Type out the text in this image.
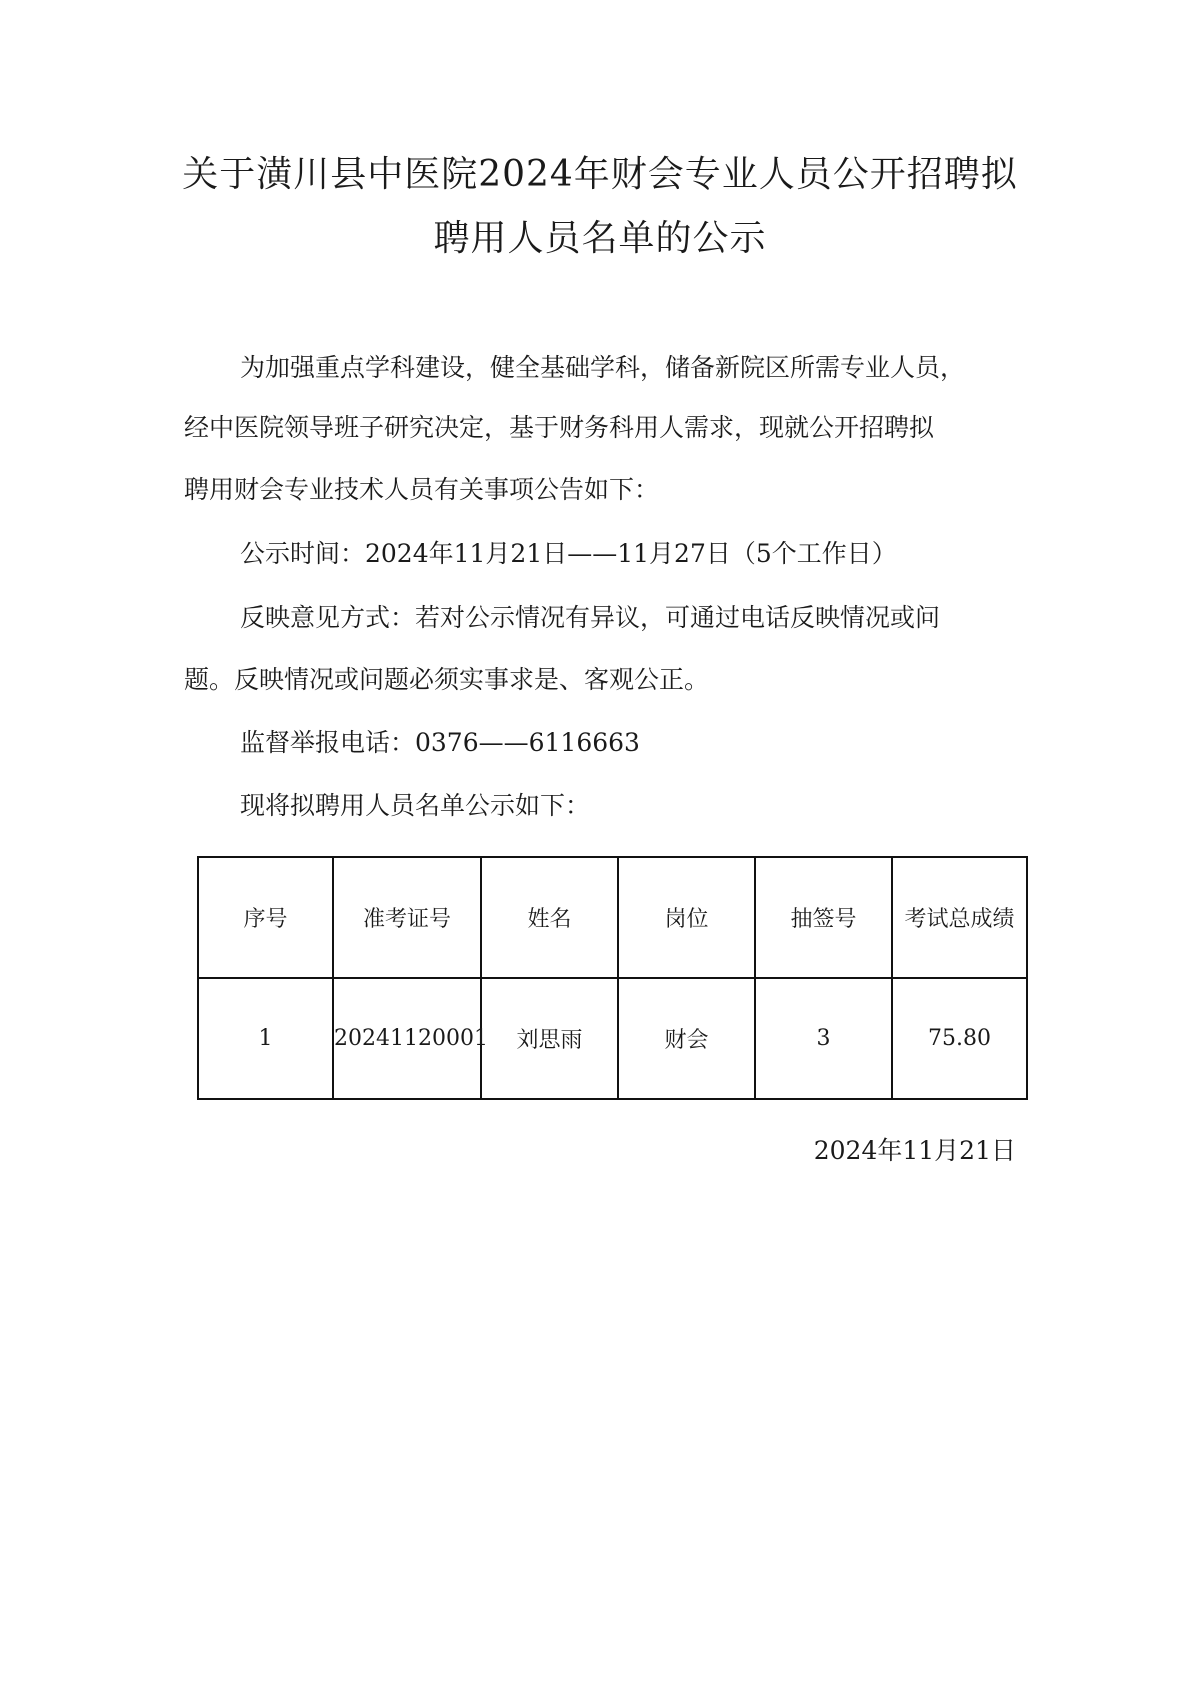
关于潢川县中医院2024年财会专业人员公开招聘拟
聘用人员名单的公示

为加强重点学科建设，健全基础学科，储备新院区所需专业人员，

经中医院领导班子研究决定，基于财务科用人需求，现就公开招聘拟

聘用财会专业技术人员有关事项公告如下：

公示时间：2024年11月21日——11月27日（5个工作日）

反映意见方式：若对公示情况有异议，可通过电话反映情况或问

题。反映情况或问题必须实事求是、客观公正。

监督举报电话：0376——6116663

现将拟聘用人员名单公示如下：

序号	准考证号	姓名	岗位	抽签号	考试总成绩
1	20241120001	刘思雨	财会	3	75.80

2024年11月21日
